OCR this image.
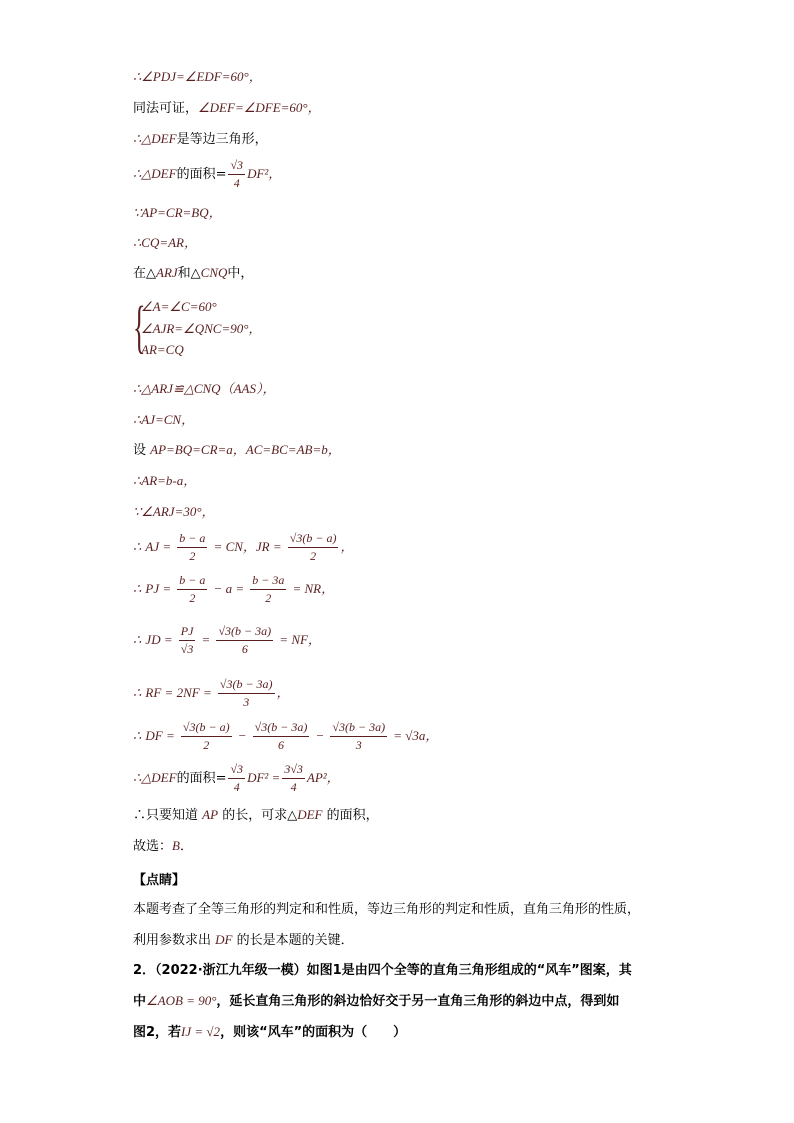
∴∠PDJ=∠EDF=60°，
同法可证，∠DEF=∠DFE=60°，
∴△DEF是等边三角形，
∴△DEF的面积= $\frac{√3}{4} DF^2$，
∵AP=CR=BQ，
∴CQ=AR，
在△ARJ和△CNQ中，
{
∠A=∠C=60°
∠AJR=∠QNC=90°，
AR=CQ
∴△ARJ≌△CNQ（AAS），
∴AJ=CN，
设 AP=BQ=CR=a，AC=BC=AB=b，
∴AR=b-a，
∵∠ARJ=30°，
∴ AJ = $\frac{b - a}{2}$ = CN，JR = $\frac{√3(b - a)}{2}$ ，
∴ PJ = $\frac{b - a}{2} - a = \frac{b - 3a}{2}$ = NR，
∴ JD = $\frac{PJ}{√3} = \frac{√3(b - 3a)}{6}$ = NF，
∴ RF = $2NF = \frac{√3(b - 3a)}{3}$ ，
∴ DF = $\frac{√3(b - a)}{2} - \frac{√3(b - 3a)}{6} - \frac{√3(b - 3a)}{3} = √3a$，
∴△DEF的面积= $\frac{√3}{4} DF^2 = \frac{3√3}{4} AP^2$，
∴只要知道 AP 的长，可求△DEF 的面积，
故选：B．
【点睛】
本题考查了全等三角形的判定和和性质，等边三角形的判定和性质，直角三角形的性质，
利用参数求出 DF 的长是本题的关键．
2．（2022·浙江九年级一模）如图1是由四个全等的直角三角形组成的“风车”图案，其
中∠AOB = 90°，延长直角三角形的斜边恰好交于另一直角三角形的斜边中点，得到如
图2，若IJ = √2，则该“风车”的面积为（　　）
